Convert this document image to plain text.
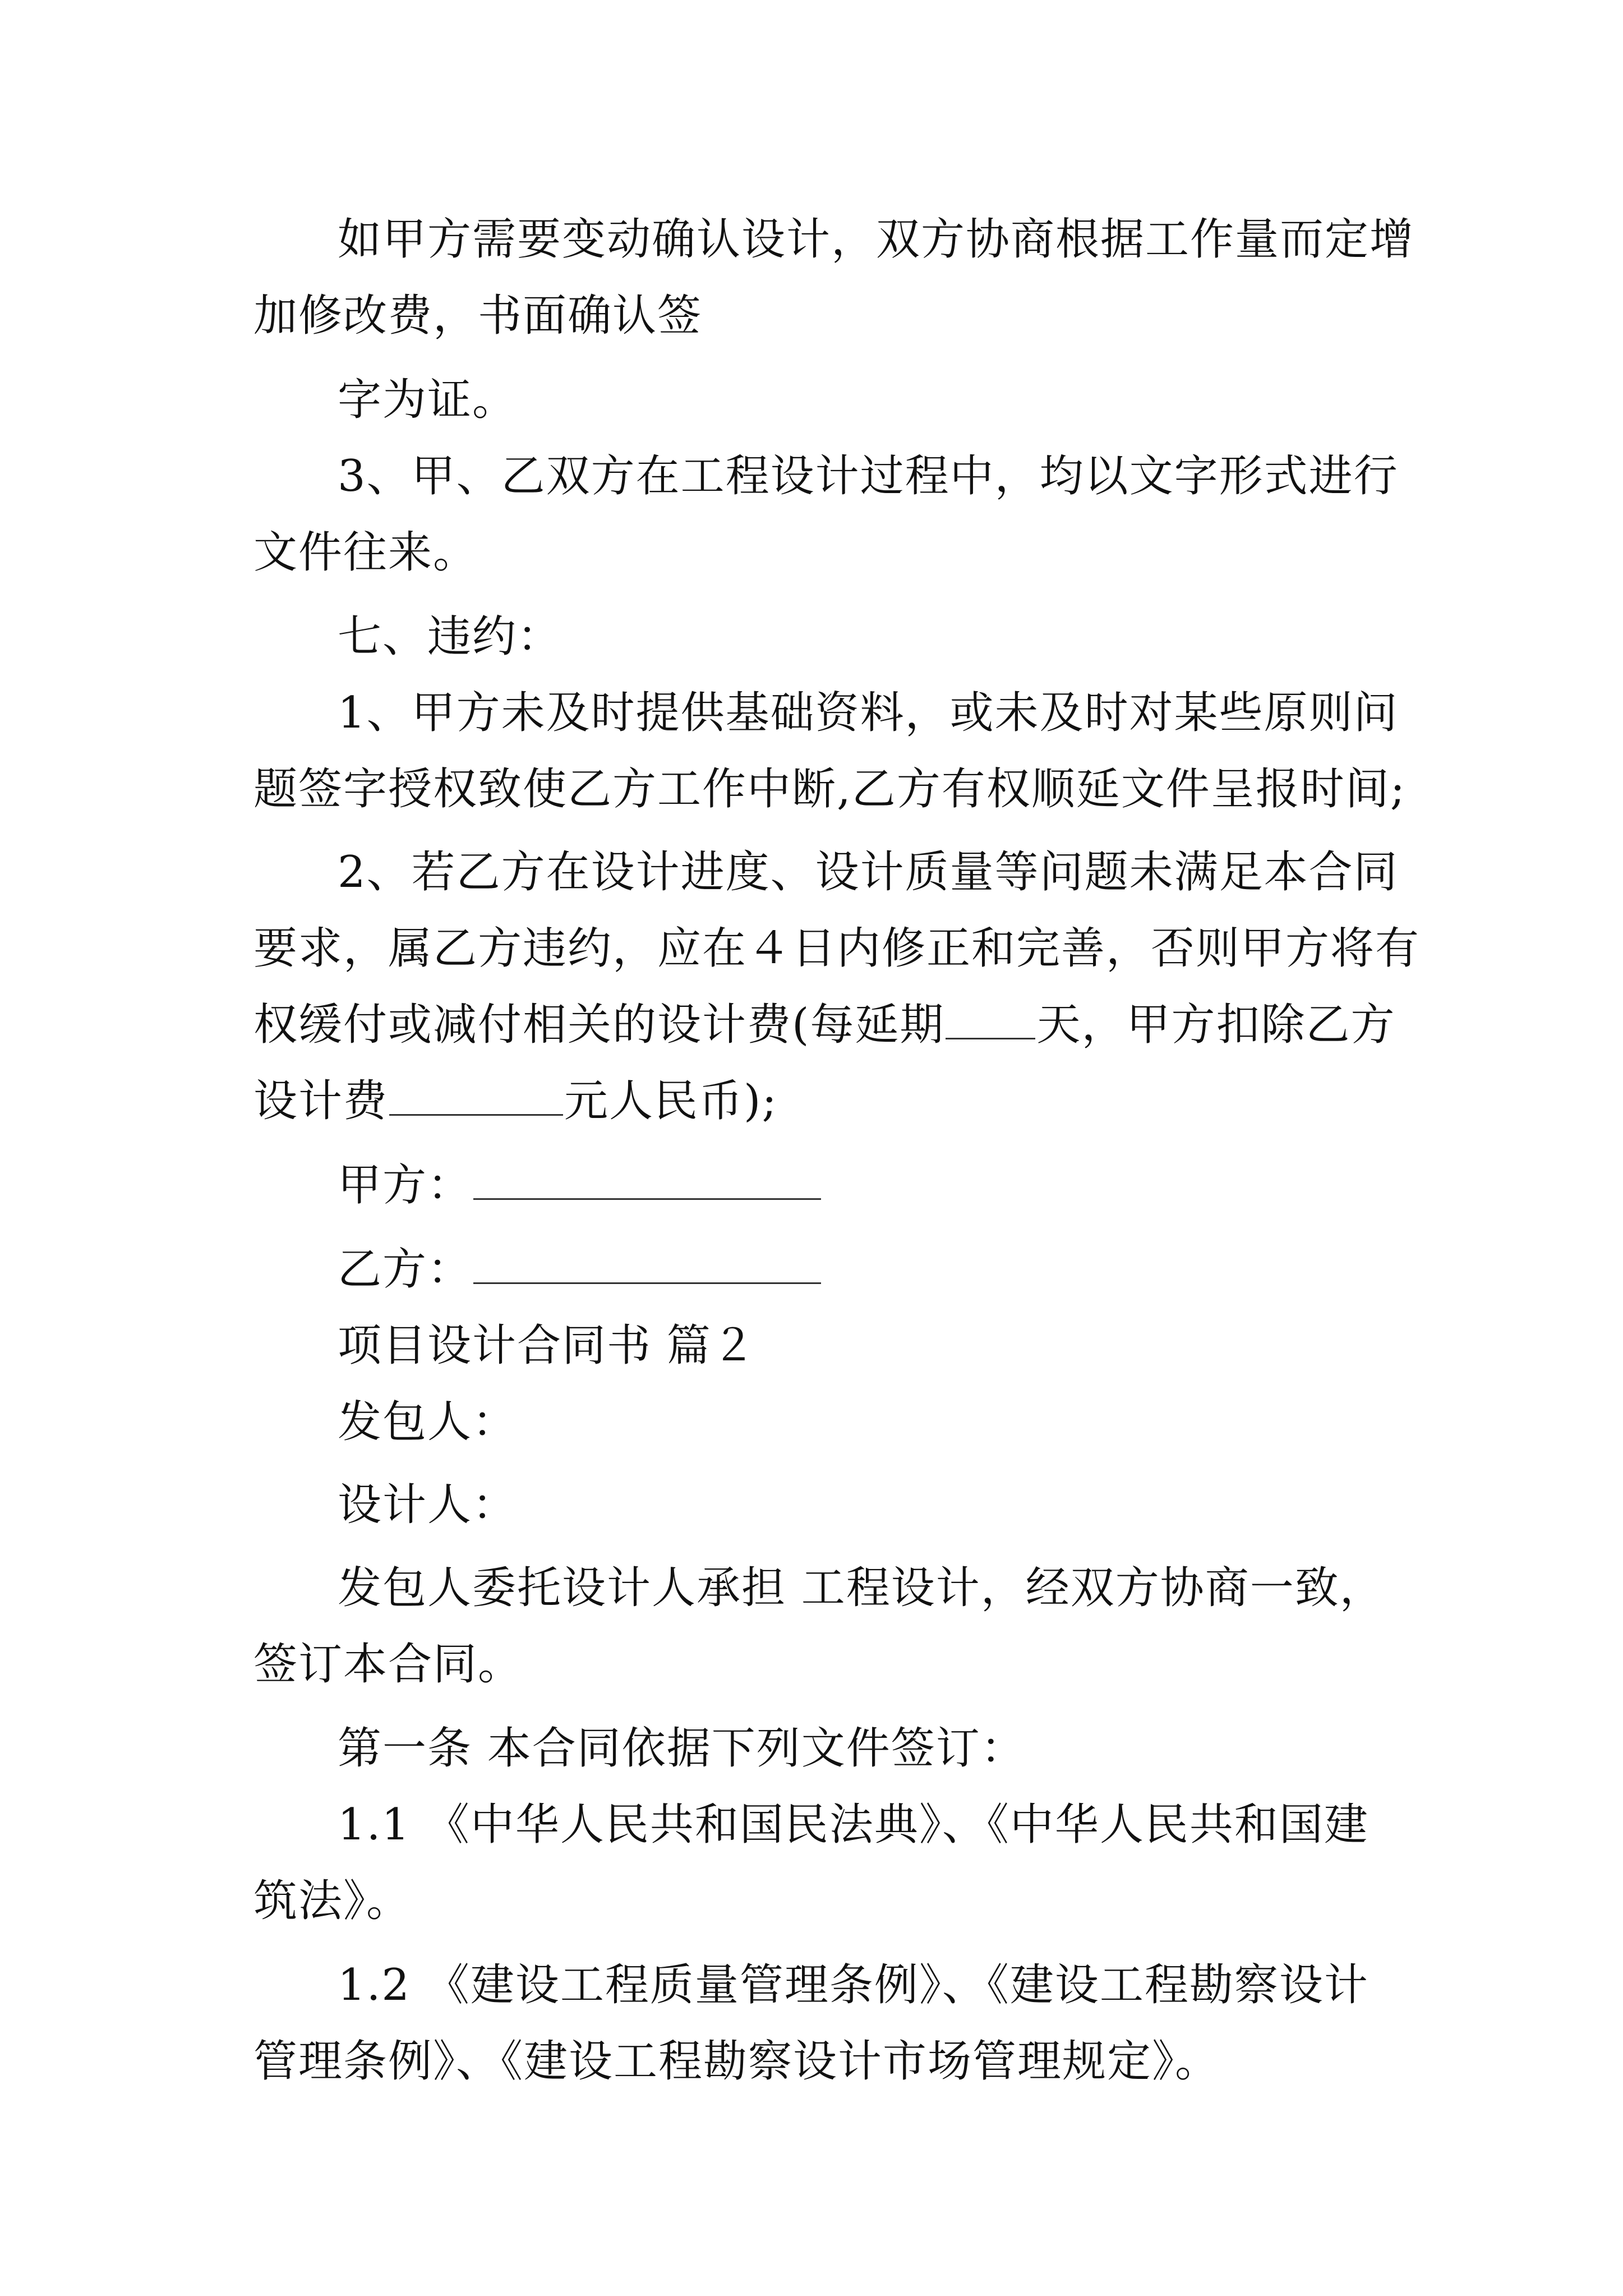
如甲方需要变动确认设计，双方协商根据工作量而定增
加修改费，书面确认签
字为证。
3、甲、乙双方在工程设计过程中，均以文字形式进行
文件往来。
七、违约：
1、甲方未及时提供基础资料，或未及时对某些原则问
题签字授权致使乙方工作中断,乙方有权顺延文件呈报时间;
2、若乙方在设计进度、设计质量等问题未满足本合同
要求，属乙方违约，应在４日内修正和完善，否则甲方将有
权缓付或减付相关的设计费(每延期 天，甲方扣除乙方
设计费	元人民币);
甲方：
乙方：
项目设计合同书 篇２
发包人：
设计人：
发包人委托设计人承担 工程设计，经双方协商一致，
签订本合同。
第一条 本合同依据下列文件签订：
1.1 《中华人民共和国民法典》、《中华人民共和国建
筑法》。
1.2 《建设工程质量管理条例》、《建设工程勘察设计
管理条例》、《建设工程勘察设计市场管理规定》。
